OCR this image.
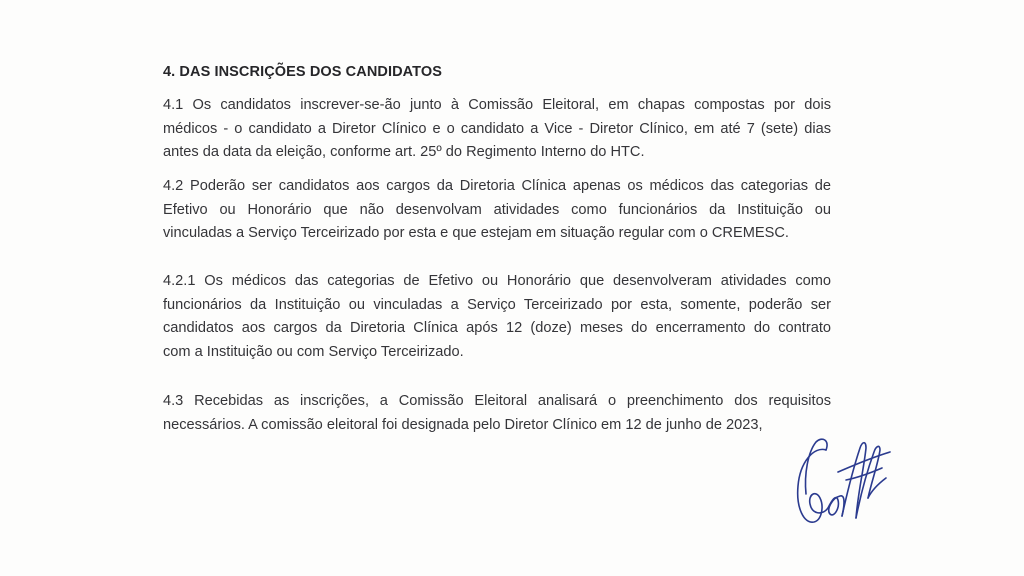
4. DAS INSCRIÇÕES DOS CANDIDATOS
4.1 Os candidatos inscrever-se-ão junto à Comissão Eleitoral, em chapas compostas por dois
médicos - o candidato a Diretor Clínico e o candidato a Vice - Diretor Clínico, em até 7 (sete) dias
antes da data da eleição, conforme art. 25º do Regimento Interno do HTC.
4.2 Poderão ser candidatos aos cargos da Diretoria Clínica apenas os médicos das categorias de
Efetivo ou Honorário que não desenvolvam atividades como funcionários da Instituição ou
vinculadas a Serviço Terceirizado por esta e que estejam em situação regular com o CREMESC.
4.2.1 Os médicos das categorias de Efetivo ou Honorário que desenvolveram atividades como
funcionários da Instituição ou vinculadas a Serviço Terceirizado por esta, somente, poderão ser
candidatos aos cargos da Diretoria Clínica após 12 (doze) meses do encerramento do contrato
com a Instituição ou com Serviço Terceirizado.
4.3 Recebidas as inscrições, a Comissão Eleitoral analisará o preenchimento dos requisitos
necessários. A comissão eleitoral foi designada pelo Diretor Clínico em 12 de junho de 2023,
